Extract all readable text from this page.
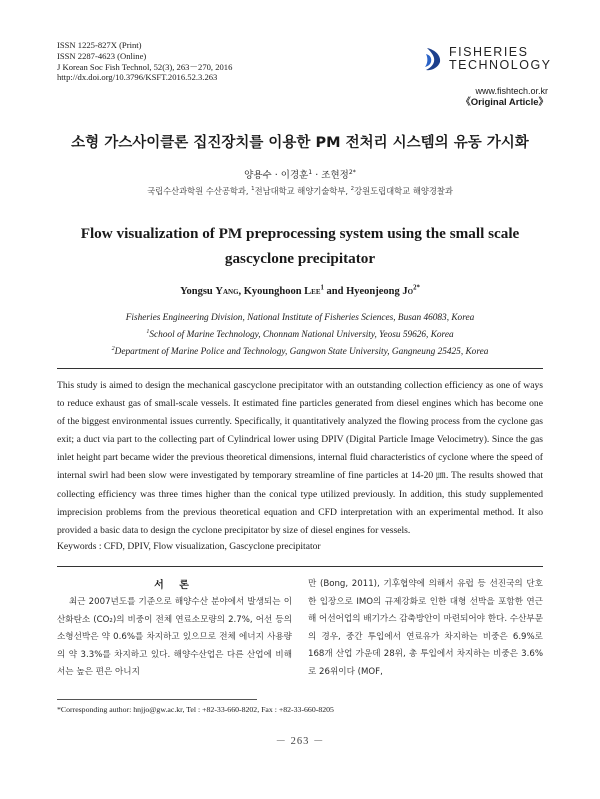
ISSN 1225-827X (Print)
ISSN 2287-4623 (Online)
J Korean Soc Fish Technol, 52(3), 263－270, 2016
http://dx.doi.org/10.3796/KSFT.2016.52.3.263
FISHERIES
TECHNOLOGY
www.fishtech.or.kr
《Original Article》
소형 가스사이클론 집진장치를 이용한 PM 전처리 시스템의 유동 가시화
양용수 · 이경훈$^1$ · 조현정$^{2*}$
국립수산과학원 수산공학과, $^1$전남대학교 해양기술학부, $^2$강원도립대학교 해양경찰과
Flow visualization of PM preprocessing system using the small scale
gascyclone precipitator
Yongsu Yang, Kyounghoon Lee$^1$ and Hyeonjeong $Jo^{2*}$
Fisheries Engineering Division, National Institute of Fisheries Sciences, Busan 46083, Korea
$^1$School of Marine Technology, Chonnam National University, Yeosu 59626, Korea
$^2$Department of Marine Police and Technology, Gangwon State University, Gangneung 25425, Korea
This study is aimed to design the mechanical gascyclone precipitator with an outstanding collection efficiency as one of ways to reduce exhaust gas of small-scale vessels. It estimated fine particles generated from diesel engines which has become one of the biggest environmental issues currently. Specifically, it quantitatively analyzed the flowing process from the cyclone gas exit; a duct via part to the collecting part of Cylindrical lower using DPIV (Digital Particle Image Velocimetry). Since the gas inlet height part became wider the previous theoretical dimensions, internal fluid characteristics of cyclone where the speed of internal swirl had been slow were investigated by temporary streamline of fine particles at 14-20 ㎛. The results showed that collecting efficiency was three times higher than the conical type utilized previously. In addition, this study supplemented imprecision problems from the previous theoretical equation and CFD interpretation with an experimental method. It also provided a basic data to design the cyclone precipitator by size of diesel engines for vessels.
Keywords : CFD, DPIV, Flow visualization, Gascyclone precipitator
서 론
최근 2007년도를 기준으로 해양수산 분야에서 발생되는 이산화탄소 (CO₂)의 비중이 전체 연료소모량의 2.7%, 어선 등의 소형선박은 약 0.6%를 차지하고 있으므로 전체 에너지 사용량의 약 3.3%를 차지하고 있다. 해양수산업은 다른 산업에 비해서는 높은 편은 아니지
만 (Bong, 2011), 기후협약에 의해서 유럽 등 선진국의 단호한 입장으로 IMO의 규제강화로 인한 대형 선박을 포함한 연근해 어선어업의 배기가스 감축방안이 마련되어야 한다. 수산부문의 경우, 중간 투입에서 연료유가 차지하는 비중은 6.9%로 168개 산업 가운데 28위, 총 투입에서 차지하는 비중은 3.6%로 26위이다 (MOF,
*Corresponding author: hnjjo@gw.ac.kr, Tel : +82-33-660-8202, Fax : +82-33-660-8205
－ 263 －
